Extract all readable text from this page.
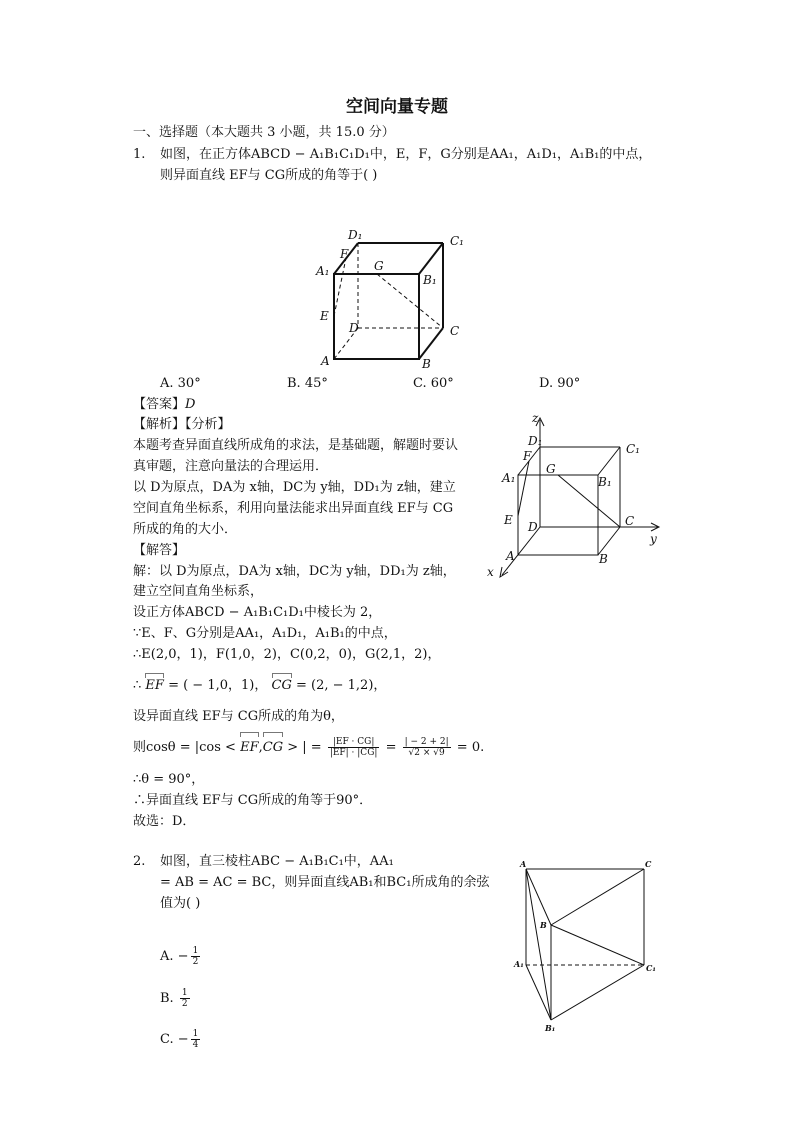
空间向量专题
一、选择题（本大题共 3 小题，共 15.0 分）
1. 如图，在正方体ABCD − A₁B₁C₁D₁中，E，F，G分别是AA₁，A₁D₁，A₁B₁的中点，
则异面直线 EF与 CG所成的角等于( )
D₁	C₁
A₁
F
G
B₁
E
D	C
A	B
A. 30°	B. 45°	C. 60°	D. 90°
【答案】D
【解析】【分析】
本题考查异面直线所成角的求法，是基础题，解题时要认
真审题，注意向量法的合理运用．
以 D为原点，DA为 x轴，DC为 y轴，DD₁为 z轴，建立
空间直角坐标系，利用向量法能求出异面直线 EF与 CG
所成的角的大小．
z
D₁
C₁
A₁
F
G
B₁
E D	C
y
A	B
x
【解答】
解：以 D为原点，DA为 x轴，DC为 y轴，DD₁为 z轴，
建立空间直角坐标系，
设正方体ABCD − A₁B₁C₁D₁中棱长为 2，
∵E、F、G分别是AA₁，A₁D₁，A₁B₁的中点，
∴E(2,0，1)，F(1,0，2)，C(0,2，0)，G(2,1，2)，
∴ EF = ( − 1,0，1)， CG = (2, − 1,2)，
设异面直线 EF与 CG所成的角为θ，
则cosθ = |cos < EF,CG > | = $\frac{|EF \cdot CG|}{|EF| \cdot |CG|} = \frac{| - 2 + 2|}{√2 \times √9} = 0$.
∴θ = 90°，
∴异面直线 EF与 CG所成的角等于90°．
故选：D．
2. 如图，直三棱柱ABC − A₁B₁C₁中，AA₁
= AB = AC = BC，则异面直线AB₁和BC₁所成角的余弦
值为( )
A. − $\frac{1}{2}$
B. $\frac{1}{2}$
C. − $\frac{1}{4}$
A	C
B
A₁	C₁
B₁
